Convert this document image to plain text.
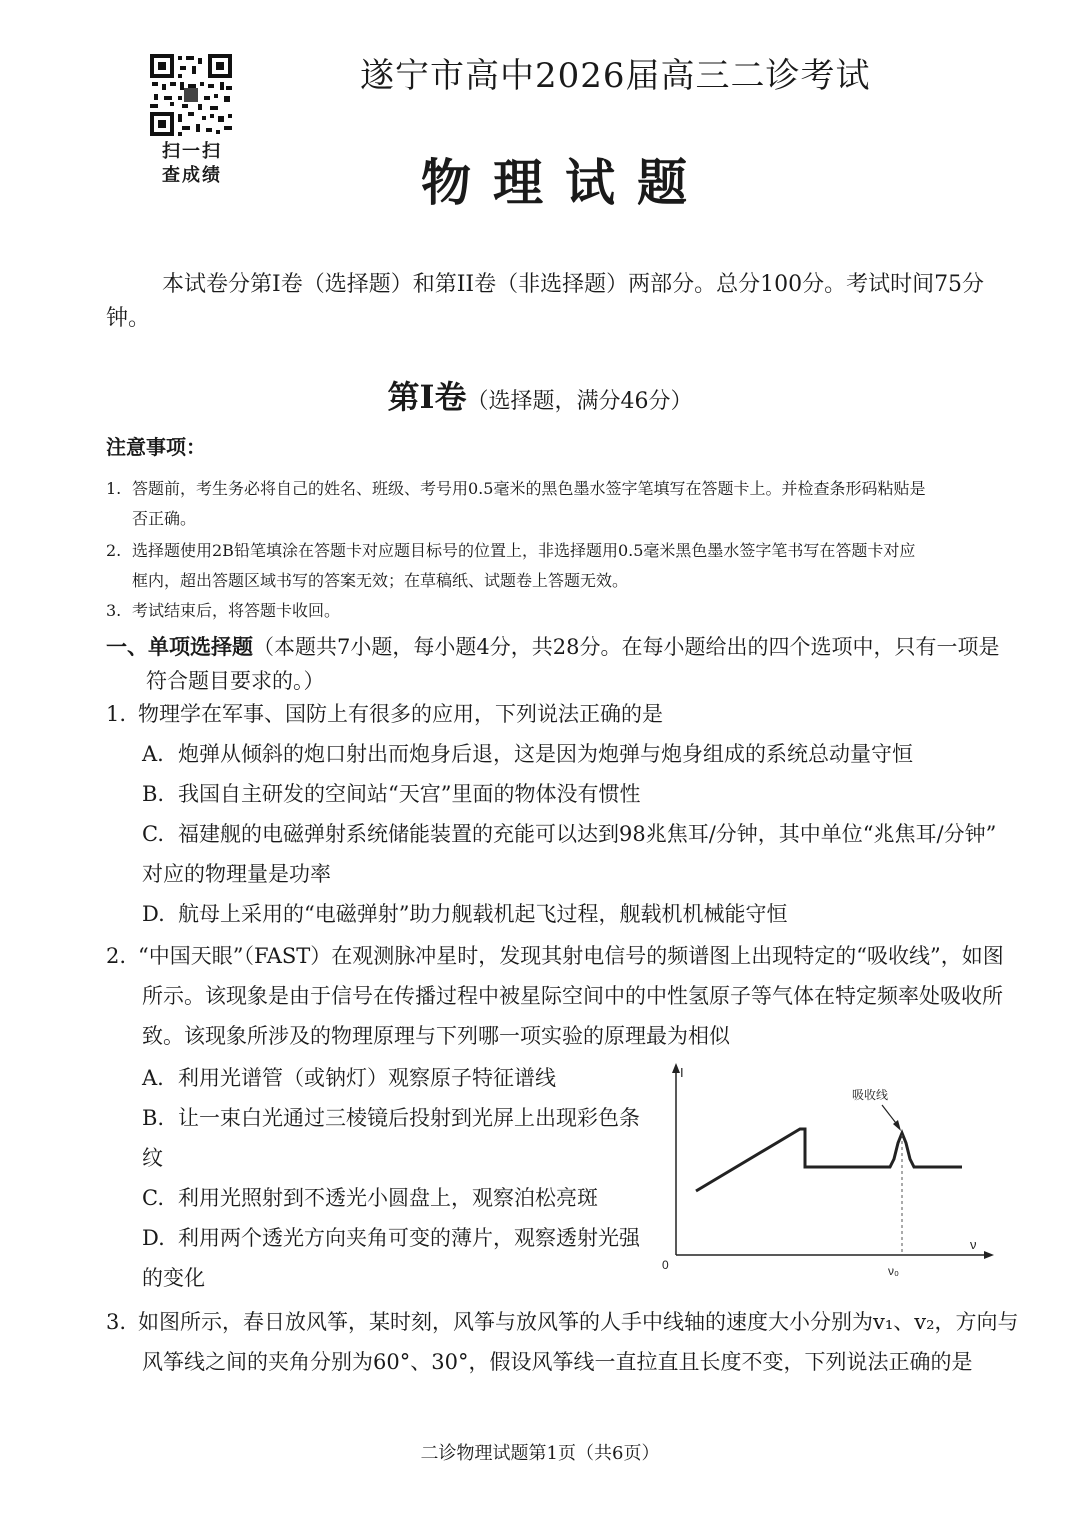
扫一扫
查成绩
遂宁市高中2026届高三二诊考试
物理试题
本试卷分第I卷（选择题）和第II卷（非选择题）两部分。总分100分。考试时间75分钟。
第Ⅰ卷（选择题，满分46分）
注意事项：
1. 答题前，考生务必将自己的姓名、班级、考号用0.5毫米的黑色墨水签字笔填写在答题卡上。并检查条形码粘贴是
否正确。
2. 选择题使用2B铅笔填涂在答题卡对应题目标号的位置上，非选择题用0.5毫米黑色墨水签字笔书写在答题卡对应
框内，超出答题区域书写的答案无效；在草稿纸、试题卷上答题无效。
3. 考试结束后，将答题卡收回。
一、单项选择题（本题共7小题，每小题4分，共28分。在每小题给出的四个选项中，只有一项是
符合题目要求的。）
1. 物理学在军事、国防上有很多的应用，下列说法正确的是
A. 炮弹从倾斜的炮口射出而炮身后退，这是因为炮弹与炮身组成的系统总动量守恒
B. 我国自主研发的空间站“天宫”里面的物体没有惯性
C. 福建舰的电磁弹射系统储能装置的充能可以达到98兆焦耳/分钟，其中单位“兆焦耳/分钟”
对应的物理量是功率
D. 航母上采用的“电磁弹射”助力舰载机起飞过程，舰载机机械能守恒
2. “中国天眼”（FAST）在观测脉冲星时，发现其射电信号的频谱图上出现特定的“吸收线”，如图
所示。该现象是由于信号在传播过程中被星际空间中的中性氢原子等气体在特定频率处吸收所
致。该现象所涉及的物理原理与下列哪一项实验的原理最为相似
A. 利用光谱管（或钠灯）观察原子特征谱线
B. 让一束白光通过三棱镜后投射到光屏上出现彩色条
纹
C. 利用光照射到不透光小圆盘上，观察泊松亮斑
D. 利用两个透光方向夹角可变的薄片，观察透射光强
的变化
I
ν
0	ν₀
吸收线
3. 如图所示，春日放风筝，某时刻，风筝与放风筝的人手中线轴的速度大小分别为v₁、v₂，方向与
风筝线之间的夹角分别为60°、30°，假设风筝线一直拉直且长度不变，下列说法正确的是
二诊物理试题第1页（共6页）
